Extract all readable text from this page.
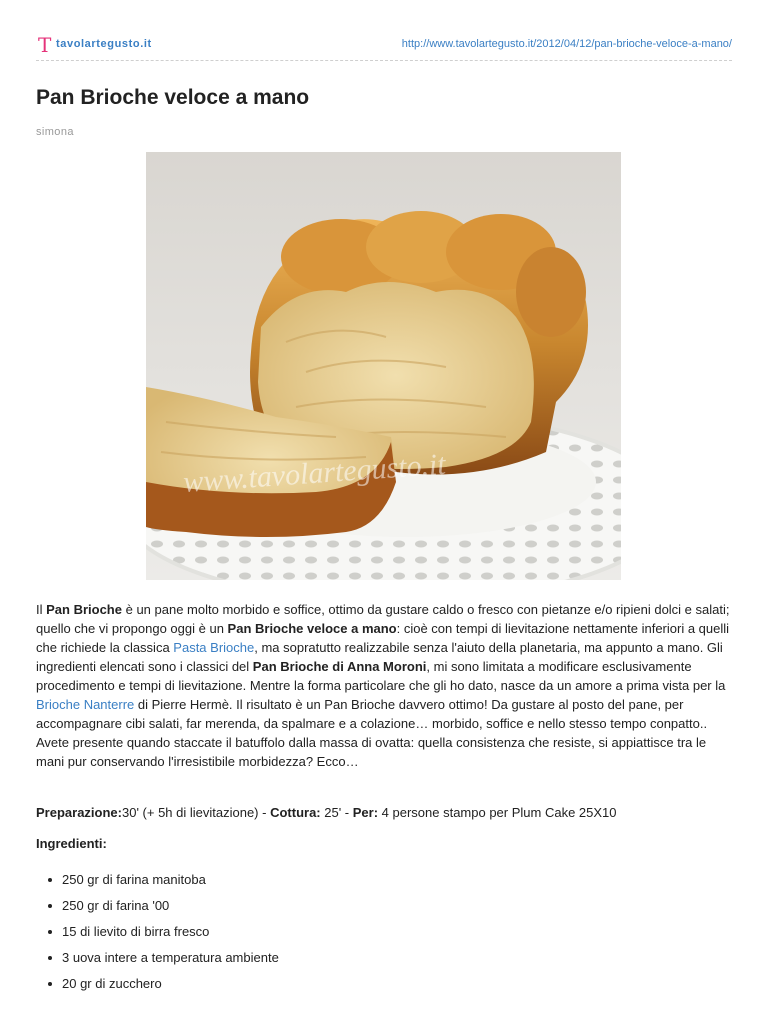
T tavolartegusto.it	http://www.tavolartegusto.it/2012/04/12/pan-brioche-veloce-a-mano/
Pan Brioche veloce a mano
simona
www.tavolartegusto.it

Il Pan Brioche è un pane molto morbido e soffice, ottimo da gustare caldo o fresco con pietanze e/o ripieni dolci e salati; quello che vi propongo oggi è un Pan Brioche veloce a mano: cioè con tempi di lievitazione nettamente inferiori a quelli che richiede la classica Pasta Brioche, ma sopratutto realizzabile senza l'aiuto della planetaria, ma appunto a mano. Gli ingredienti elencati sono i classici del Pan Brioche di Anna Moroni, mi sono limitata a modificare esclusivamente procedimento e tempi di lievitazione. Mentre la forma particolare che gli ho dato, nasce da un amore a prima vista per la Brioche Nanterre di Pierre Hermè. Il risultato è un Pan Brioche davvero ottimo! Da gustare al posto del pane, per accompagnare cibi salati, far merenda, da spalmare e a colazione… morbido, soffice e nello stesso tempo conpatto.. Avete presente quando staccate il batuffolo dalla massa di ovatta: quella consistenza che resiste, si appiattisce tra le mani pur conservando l'irresistibile morbidezza? Ecco…

Preparazione:30' (+ 5h di lievitazione) - Cottura: 25' - Per: 4 persone stampo per Plum Cake 25X10

Ingredienti:

250 gr di farina manitoba
250 gr di farina '00
15 di lievito di birra fresco
3 uova intere a temperatura ambiente
20 gr di zucchero
